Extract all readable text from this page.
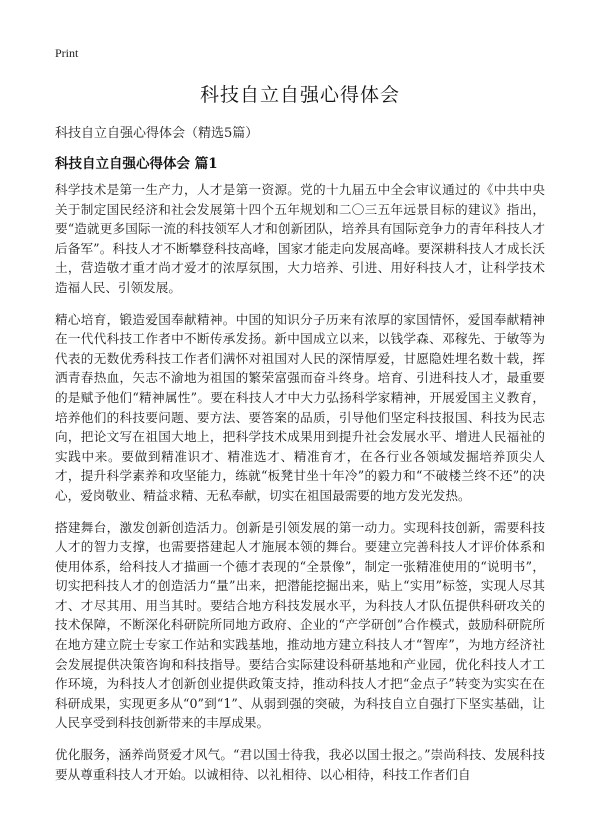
Print
科技自立自强心得体会
科技自立自强心得体会（精选5篇）
科技自立自强心得体会 篇1

科学技术是第一生产力，人才是第一资源。党的十九届五中全会审议通过的《中共中央关于制定国民经济和社会发展第十四个五年规划和二〇三五年远景目标的建议》指出，要“造就更多国际一流的科技领军人才和创新团队，培养具有国际竞争力的青年科技人才后备军”。科技人才不断攀登科技高峰，国家才能走向发展高峰。要深耕科技人才成长沃土，营造敬才重才尚才爱才的浓厚氛围，大力培养、引进、用好科技人才，让科学技术造福人民、引领发展。

精心培育，锻造爱国奉献精神。中国的知识分子历来有浓厚的家国情怀，爱国奉献精神在一代代科技工作者中不断传承发扬。新中国成立以来，以钱学森、邓稼先、于敏等为代表的无数优秀科技工作者们满怀对祖国对人民的深情厚爱，甘愿隐姓埋名数十载，挥洒青春热血，矢志不渝地为祖国的繁荣富强而奋斗终身。培育、引进科技人才，最重要的是赋予他们“精神属性”。要在科技人才中大力弘扬科学家精神，开展爱国主义教育，培养他们的科技要问题、要方法、要答案的品质，引导他们坚定科技报国、科技为民志向，把论文写在祖国大地上，把科学技术成果用到提升社会发展水平、增进人民福祉的实践中来。要做到精准识才、精准选才、精准育才，在各行业各领域发掘培养顶尖人才，提升科学素养和攻坚能力，练就“板凳甘坐十年冷”的毅力和“不破楼兰终不还”的决心，爱岗敬业、精益求精、无私奉献，切实在祖国最需要的地方发光发热。

搭建舞台，激发创新创造活力。创新是引领发展的第一动力。实现科技创新，需要科技人才的智力支撑，也需要搭建起人才施展本领的舞台。要建立完善科技人才评价体系和使用体系，给科技人才描画一个德才表现的“全景像”，制定一张精准使用的“说明书”，切实把科技人才的创造活力“量”出来，把潜能挖掘出来，贴上“实用”标签，实现人尽其才、才尽其用、用当其时。要结合地方科技发展水平，为科技人才队伍提供科研攻关的技术保障，不断深化科研院所同地方政府、企业的“产学研创”合作模式，鼓励科研院所在地方建立院士专家工作站和实践基地，推动地方建立科技人才“智库”，为地方经济社会发展提供决策咨询和科技指导。要结合实际建设科研基地和产业园，优化科技人才工作环境，为科技人才创新创业提供政策支持，推动科技人才把“金点子”转变为实实在在科研成果，实现更多从“0”到“1”、从弱到强的突破，为科技自立自强打下坚实基础，让人民享受到科技创新带来的丰厚成果。

优化服务，涵养尚贤爱才风气。“君以国士待我，我必以国士报之。”崇尚科技、发展科技要从尊重科技人才开始。以诚相待、以礼相待、以心相待，科技工作者们自
